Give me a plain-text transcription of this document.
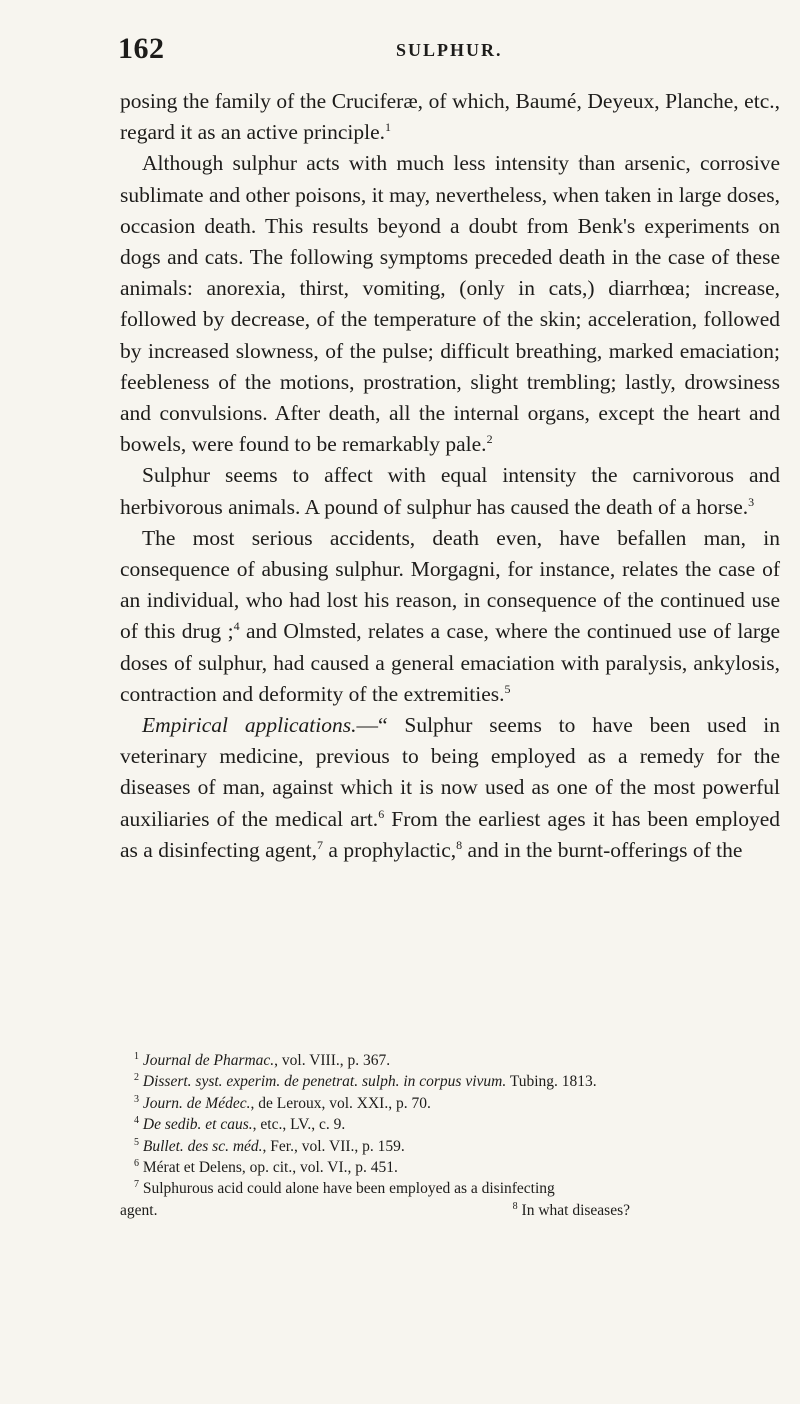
162	SULPHUR.

posing the family of the Cruciferæ, of which, Baumé, Deyeux, Planche, etc., regard it as an active principle.$^1$

Although sulphur acts with much less intensity than arsenic, corrosive sublimate and other poisons, it may, nevertheless, when taken in large doses, occasion death. This results beyond a doubt from Benk's experiments on dogs and cats. The following symptoms preceded death in the case of these animals: anorexia, thirst, vomiting, (only in cats,) diarrhœa; increase, followed by decrease, of the temperature of the skin; acceleration, followed by increased slowness, of the pulse; difficult breathing, marked emaciation; feebleness of the motions, prostration, slight trembling; lastly, drowsiness and convulsions. After death, all the internal organs, except the heart and bowels, were found to be remarkably pale.$^2$

Sulphur seems to affect with equal intensity the carnivorous and herbivorous animals. A pound of sulphur has caused the death of a horse.$^3$

The most serious accidents, death even, have befallen man, in consequence of abusing sulphur. Morgagni, for instance, relates the case of an individual, who had lost his reason, in consequence of the continued use of this drug ;$^4$ and Olmsted, relates a case, where the continued use of large doses of sulphur, had caused a general emaciation with paralysis, ankylosis, contraction and deformity of the extremities.$^5$

Empirical applications.—“ Sulphur seems to have been used in veterinary medicine, previous to being employed as a remedy for the diseases of man, against which it is now used as one of the most powerful auxiliaries of the medical art.$^6$ From the earliest ages it has been employed as a disinfecting agent,$^7$ a prophylactic,$^8$ and in the burnt-offerings of the

$^1$ Journal de Pharmac., vol. VIII., p. 367.
$^2$ Dissert. syst. experim. de penetrat. sulph. in corpus vivum. Tubing. 1813.
$^3$ Journ. de Médec., de Leroux, vol. XXI., p. 70.
$^4$ De sedib. et caus., etc., LV., c. 9.
$^5$ Bullet. des sc. méd., Fer., vol. VII., p. 159.
$^6$ Mérat et Delens, op. cit., vol. VI., p. 451.
$^7$ Sulphurous acid could alone have been employed as a disinfecting
agent.	$^8$ In what diseases?
